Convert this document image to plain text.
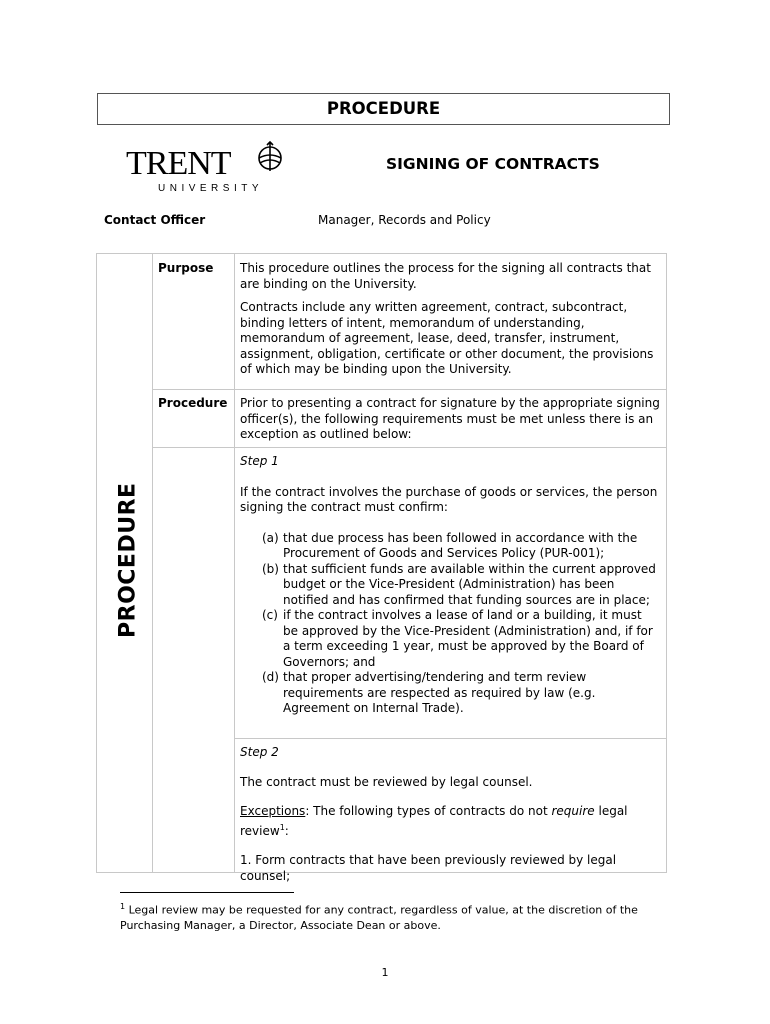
PROCEDURE
TRENT
UNIVERSITY
SIGNING OF CONTRACTS
Contact Officer	Manager, Records and Policy
PROCEDURE
Purpose This procedure outlines the process for the signing all contracts that are binding on the University.

Contracts include any written agreement, contract, subcontract, binding letters of intent, memorandum of understanding, memorandum of agreement, lease, deed, transfer, instrument, assignment, obligation, certificate or other document, the provisions of which may be binding upon the University.

Procedure Prior to presenting a contract for signature by the appropriate signing officer(s), the following requirements must be met unless there is an exception as outlined below:

Step 1

If the contract involves the purchase of goods or services, the person signing the contract must confirm:

(a) that due process has been followed in accordance with the Procurement of Goods and Services Policy (PUR-001);
(b) that sufficient funds are available within the current approved budget or the Vice-President (Administration) has been notified and has confirmed that funding sources are in place;
(c) if the contract involves a lease of land or a building, it must be approved by the Vice-President (Administration) and, if for a term exceeding 1 year, must be approved by the Board of Governors; and
(d) that proper advertising/tendering and term review requirements are respected as required by law (e.g. Agreement on Internal Trade).

Step 2

The contract must be reviewed by legal counsel.

Exceptions: The following types of contracts do not require legal review$^1$:

1. Form contracts that have been previously reviewed by legal counsel;

$^1$ Legal review may be requested for any contract, regardless of value, at the discretion of the Purchasing Manager, a Director, Associate Dean or above.
1
